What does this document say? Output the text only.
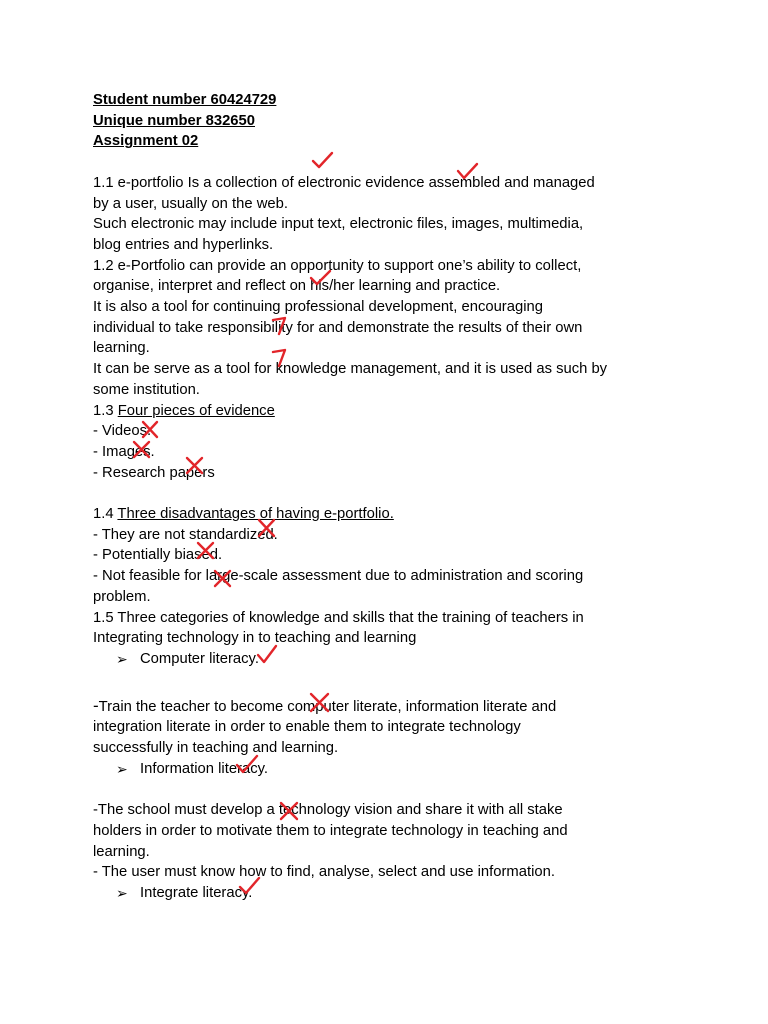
Student number 60424729

Unique number 832650

Assignment 02

1.1 e-portfolio Is a collection of electronic evidence assembled and managed

by a user, usually on the web.

Such electronic may include input text, electronic files, images, multimedia,

blog entries and hyperlinks.

1.2 e-Portfolio can provide an opportunity to support one’s ability to collect,

organise, interpret and reflect on his/her learning and practice.

It is also a tool for continuing professional development, encouraging

individual to take responsibility for and demonstrate the results of their own

learning.

It can be serve as a tool for knowledge management, and it is used as such by

some institution.

1.3 Four pieces of evidence

- Videos.

- Images.

- Research papers

1.4 Three disadvantages of having e-portfolio.

- They are not standardized.

- Potentially biased.

- Not feasible for large-scale assessment due to administration and scoring

problem.

1.5 Three categories of knowledge and skills that the training of teachers in

Integrating technology in to teaching and learning

➢ Computer literacy.

-Train the teacher to become computer literate, information literate and

integration literate in order to enable them to integrate technology

successfully in teaching and learning.

➢ Information literacy.

-The school must develop a technology vision and share it with all stake

holders in order to motivate them to integrate technology in teaching and

learning.

- The user must know how to find, analyse, select and use information.

➢ Integrate literacy.
